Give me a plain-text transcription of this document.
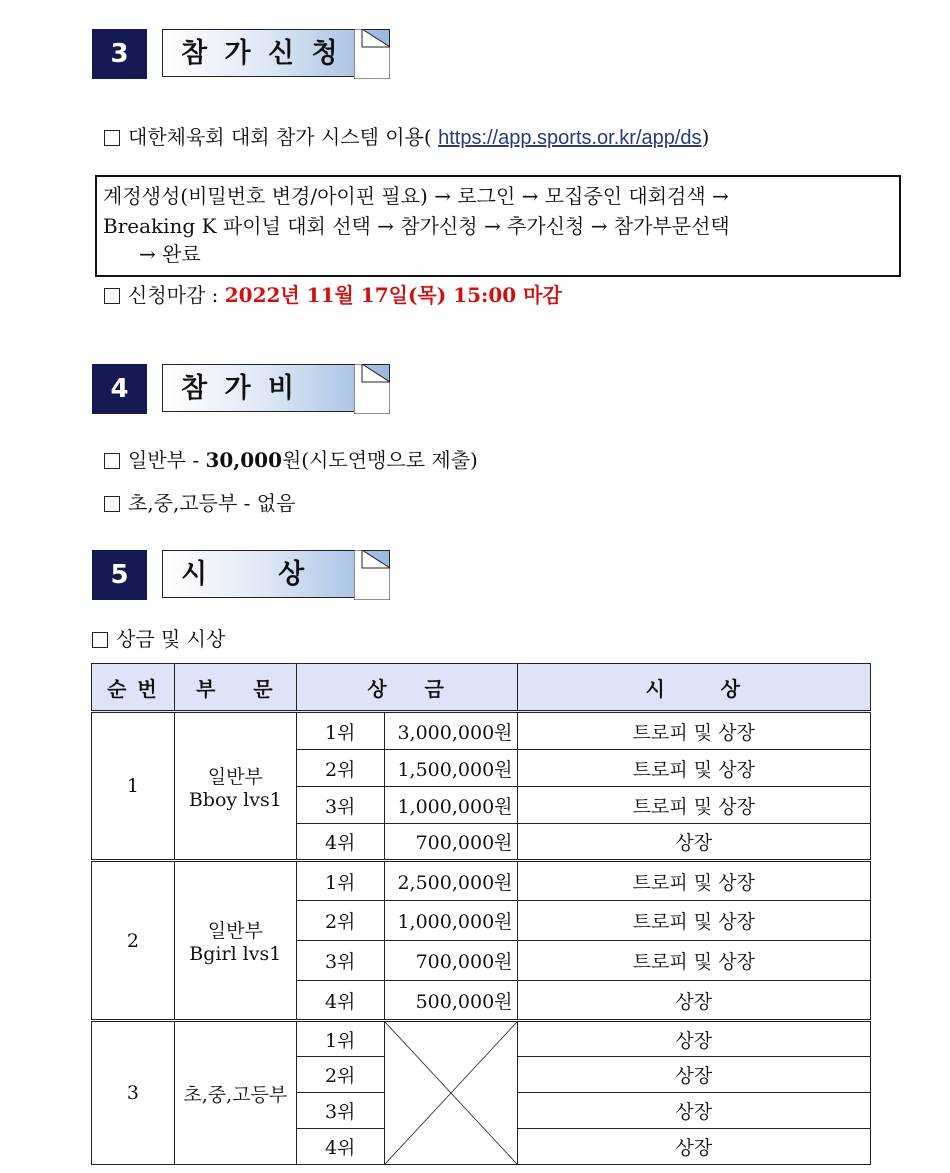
3	참 가 신 청
대한체육회 대회 참가 시스템 이용( https://app.sports.or.kr/app/ds)
계정생성(비밀번호 변경/아이핀 필요) → 로그인 → 모집중인 대회검색 →
Breaking K 파이널 대회 선택 → 참가신청 → 추가신청 → 참가부문선택
→ 완료
신청마감 : 2022년 11월 17일(목) 15:00 마감
4	참 가 비
일반부 - 30,000원(시도연맹으로 제출)
초,중,고등부 - 없음
5	시     상
상금 및 시상
순 번	부    문	상    금		시      상
1	일반부
Bboy lvs1	1위	3,000,000원	트로피 및 상장
		2위	1,500,000원	트로피 및 상장
		3위	1,000,000원	트로피 및 상장
		4위	700,000원	상장
2	일반부
Bgirl lvs1	1위	2,500,000원	트로피 및 상장
		2위	1,000,000원	트로피 및 상장
		3위	700,000원	트로피 및 상장
		4위	500,000원	상장
3	초,중,고등부	1위		상장
		2위		상장
		3위		상장
		4위		상장
